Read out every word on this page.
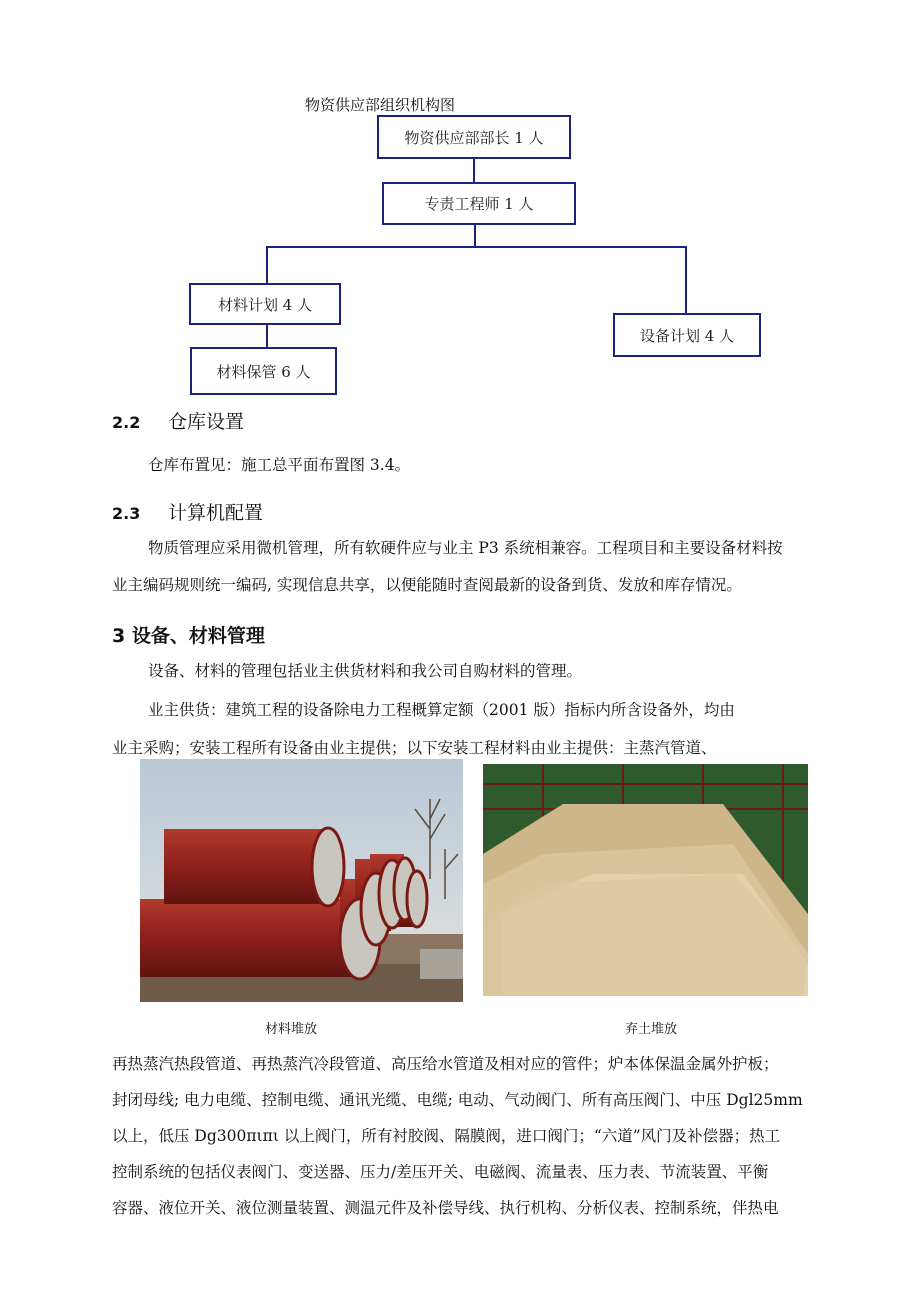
物资供应部组织机构图
物资供应部部长 1 人
专责工程师 1 人
材料计划 4 人
材料保管 6 人
设备计划 4 人
2.2 仓库设置
仓库布置见：施工总平面布置图 3.4。
2.3 计算机配置
物质管理应采用微机管理，所有软硬件应与业主 P3 系统相兼容。工程项目和主要设备材料按
业主编码规则统一编码, 实现信息共享，以便能随时查阅最新的设备到货、发放和库存情况。
3 设备、材料管理
设备、材料的管理包括业主供货材料和我公司自购材料的管理。
业主供货：建筑工程的设备除电力工程概算定额（2001 版）指标内所含设备外，均由
业主采购；安装工程所有设备由业主提供；以下安装工程材料由业主提供：主蒸汽管道、
材料堆放	弃土堆放
再热蒸汽热段管道、再热蒸汽冷段管道、高压给水管道及相对应的管件；炉本体保温金属外护板；
封闭母线; 电力电缆、控制电缆、通讯光缆、电缆; 电动、气动阀门、所有高压阀门、中压 Dgl25mm
以上，低压 Dg300πιπι 以上阀门，所有衬胶阀、隔膜阀，进口阀门；“六道”风门及补偿器；热工
控制系统的包括仪表阀门、变送器、压力/差压开关、电磁阀、流量表、压力表、节流装置、平衡
容器、液位开关、液位测量装置、测温元件及补偿导线、执行机构、分析仪表、控制系统，伴热电
